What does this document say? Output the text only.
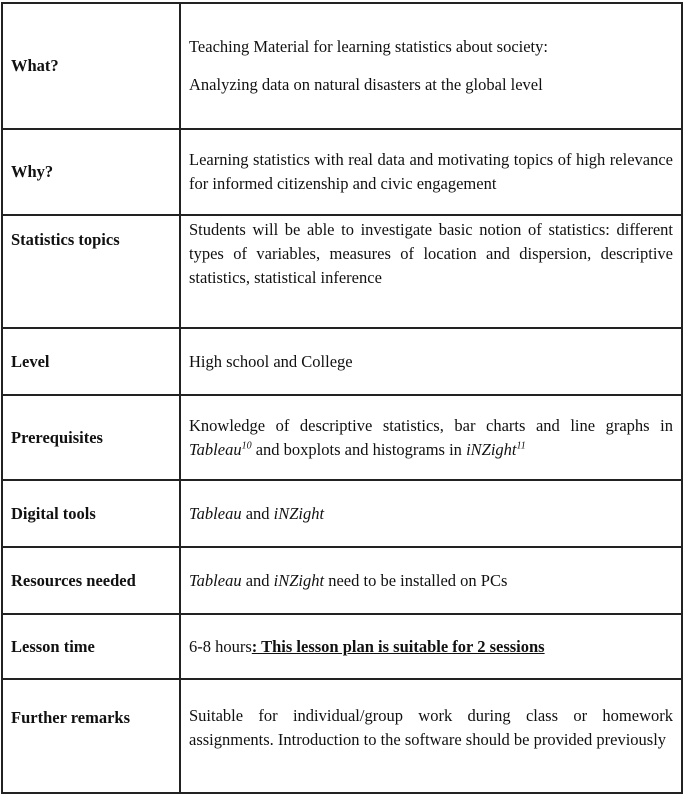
What?	Teaching Material for learning statistics about society:

Analyzing data on natural disasters at the global level

Why?	Learning statistics with real data and motivating topics of high relevance for informed citizenship and civic engagement
Statistics topics	Students will be able to investigate basic notion of statistics: different types of variables, measures of location and dispersion, descriptive statistics, statistical inference
Level	High school and College
Prerequisites	Knowledge of descriptive statistics, bar charts and line graphs in Tableau$^{10}$ and boxplots and histograms in iNZight$^{11}$
Digital tools	Tableau and iNZight
Resources needed	Tableau and iNZight need to be installed on PCs
Lesson time	6-8 hours: This lesson plan is suitable for 2 sessions
Further remarks	Suitable for individual/group work during class or homework assignments. Introduction to the software should be provided previously
